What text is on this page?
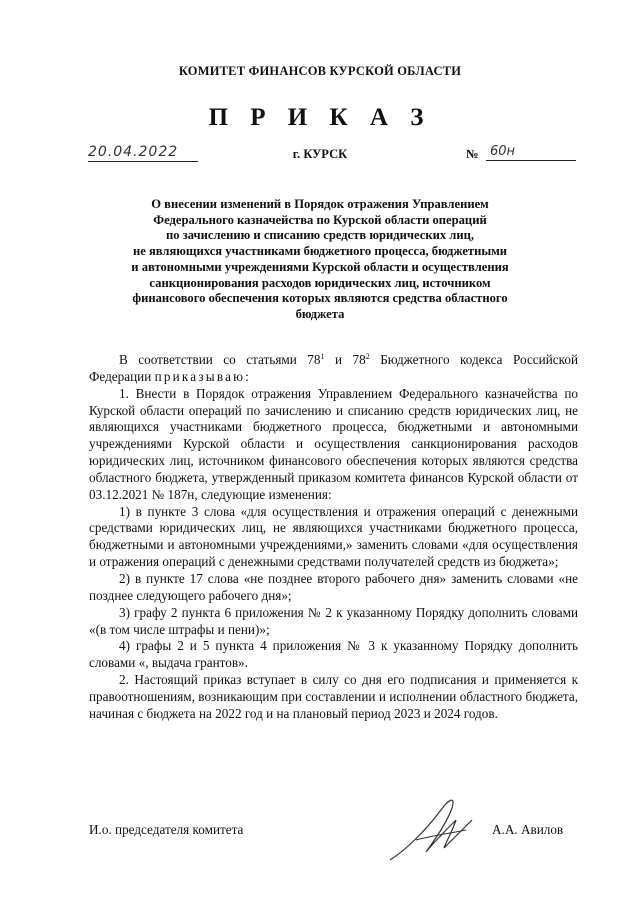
КОМИТЕТ ФИНАНСОВ КУРСКОЙ ОБЛАСТИ
П Р И К А З
20.04.2022	г. КУРСК	№ 60н
О внесении изменений в Порядок отражения Управлением
Федерального казначейства по Курской области операций
по зачислению и списанию средств юридических лиц,
не являющихся участниками бюджетного процесса, бюджетными
и автономными учреждениями Курской области и осуществления
санкционирования расходов юридических лиц, источником
финансового обеспечения которых являются средства областного
бюджета

В соответствии со статьями $78^1$ и $78^2$ Бюджетного кодекса Российской Федерации приказываю:

1. Внести в Порядок отражения Управлением Федерального казначейства по Курской области операций по зачислению и списанию средств юридических лиц, не являющихся участниками бюджетного процесса, бюджетными и автономными учреждениями Курской области и осуществления санкционирования расходов юридических лиц, источником финансового обеспечения которых являются средства областного бюджета, утвержденный приказом комитета финансов Курской области от 03.12.2021 № 187н, следующие изменения:

1) в пункте 3 слова «для осуществления и отражения операций с денежными средствами юридических лиц, не являющихся участниками бюджетного процесса, бюджетными и автономными учреждениями,» заменить словами «для осуществления и отражения операций с денежными средствами получателей средств из бюджета»;

2) в пункте 17 слова «не позднее второго рабочего дня» заменить словами «не позднее следующего рабочего дня»;

3) графу 2 пункта 6 приложения № 2 к указанному Порядку дополнить словами «(в том числе штрафы и пени)»;

4) графы 2 и 5 пункта 4 приложения № 3 к указанному Порядку дополнить словами «, выдача грантов».

2. Настоящий приказ вступает в силу со дня его подписания и применяется к правоотношениям, возникающим при составлении и исполнении областного бюджета, начиная с бюджета на 2022 год и на плановый период 2023 и 2024 годов.

И.о. председателя комитета	А.А. Авилов
